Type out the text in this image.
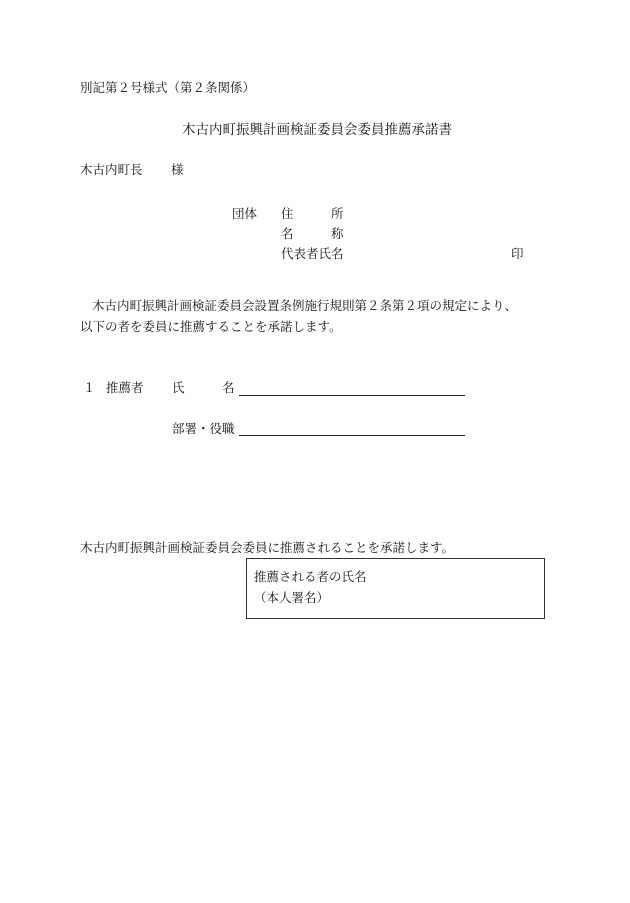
別記第２号様式（第２条関係）
木古内町振興計画検証委員会委員推薦承諾書
木古内町長 様
団体 住　　　所
名　　　称
代表者氏名	印
木古内町振興計画検証委員会設置条例施行規則第２条第２項の規定により、
以下の者を委員に推薦することを承諾します。
１ 推薦者 氏　　　名
部署・役職
木古内町振興計画検証委員会委員に推薦されることを承諾します。
推薦される者の氏名
（本人署名）
